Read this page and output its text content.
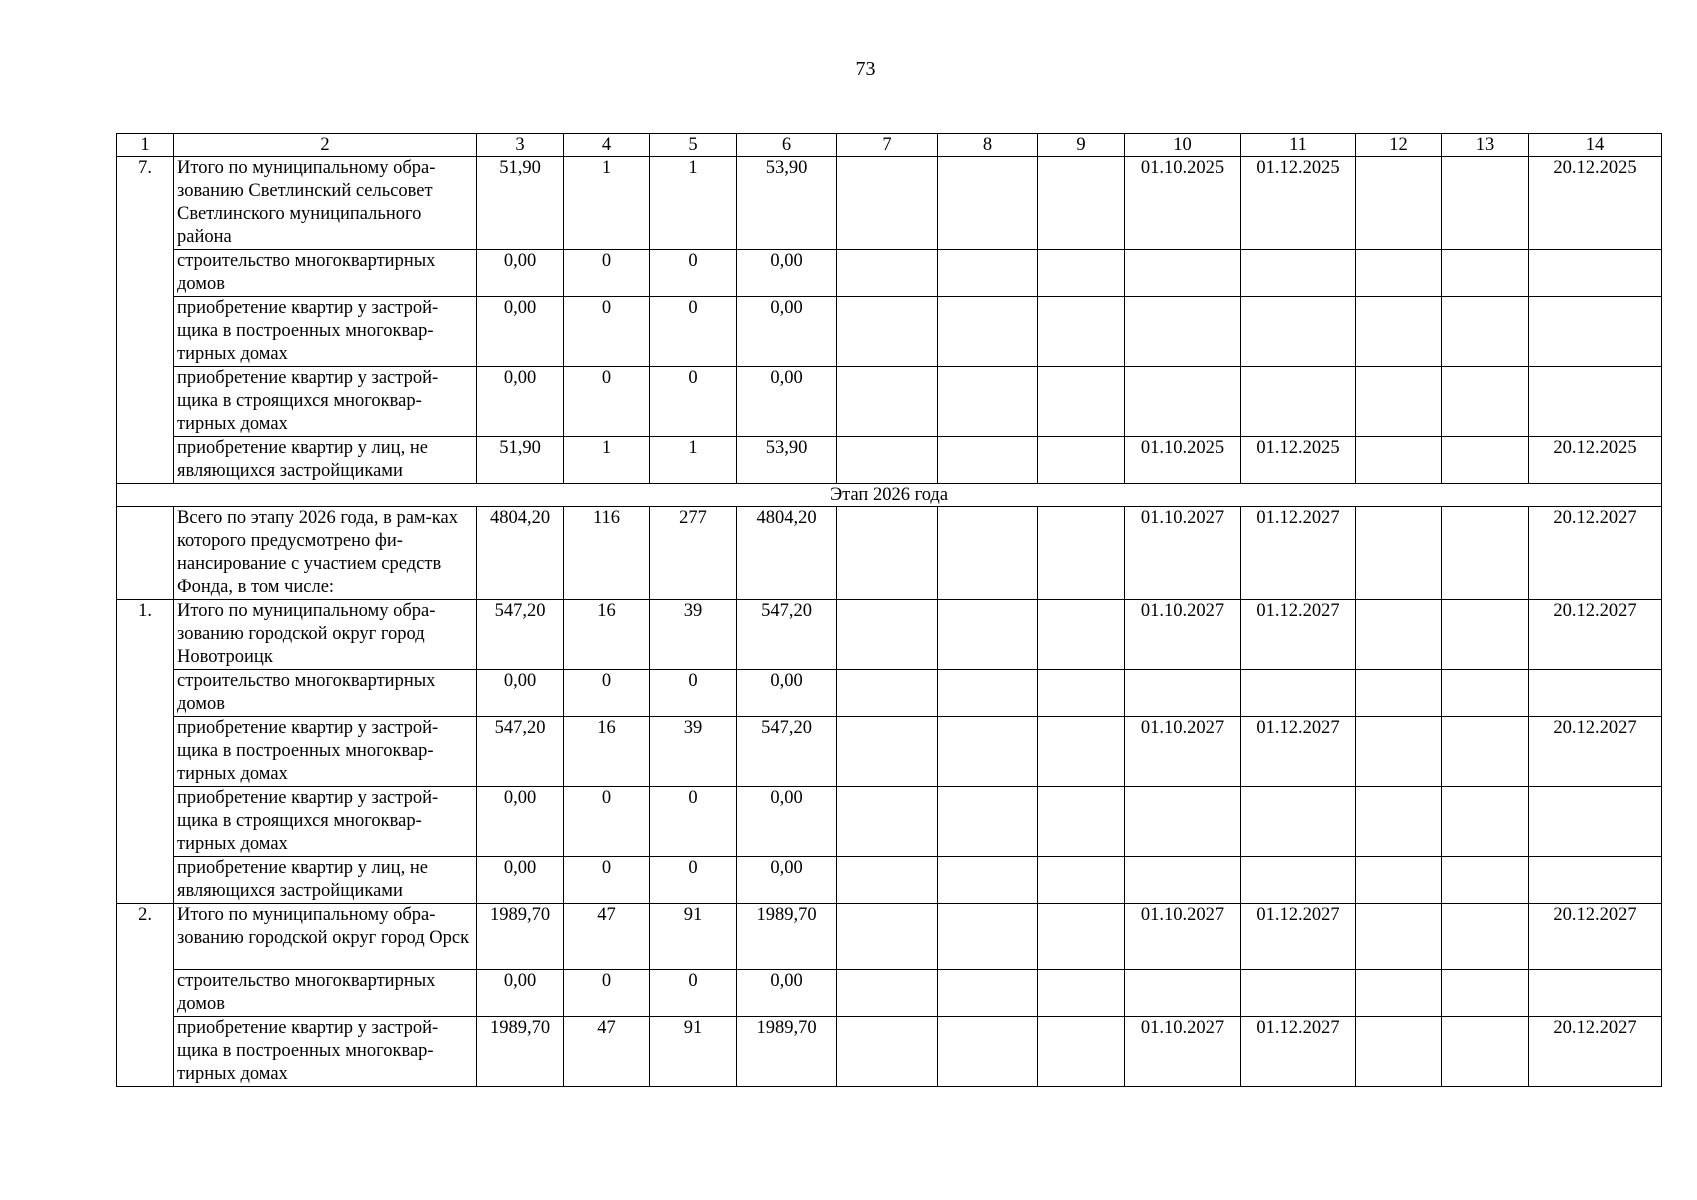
73
1	2	3	4	5	6	7	8	9	10	11	12	13	14
7.	Итого по муниципальному обра-зованию Светлинский сельсовет Светлинского муниципального района	51,90	1	1	53,90				01.10.2025	01.12.2025			20.12.2025
	строительство многоквартирных домов	0,00	0	0	0,00								
	приобретение квартир у застрой-щика в построенных многоквар-тирных домах	0,00	0	0	0,00								
	приобретение квартир у застрой-щика в строящихся многоквар-тирных домах	0,00	0	0	0,00								
	приобретение квартир у лиц, не являющихся застройщиками	51,90	1	1	53,90				01.10.2025	01.12.2025			20.12.2025
Этап 2026 года													
	Всего по этапу 2026 года, в рам-ках которого предусмотрено фи-нансирование с участием средств Фонда, в том числе:	4804,20	116	277	4804,20				01.10.2027	01.12.2027			20.12.2027
1.	Итого по муниципальному обра-зованию городской округ город Новотроицк	547,20	16	39	547,20				01.10.2027	01.12.2027			20.12.2027
	строительство многоквартирных домов	0,00	0	0	0,00								
	приобретение квартир у застрой-щика в построенных многоквар-тирных домах	547,20	16	39	547,20				01.10.2027	01.12.2027			20.12.2027
	приобретение квартир у застрой-щика в строящихся многоквар-тирных домах	0,00	0	0	0,00								
	приобретение квартир у лиц, не являющихся застройщиками	0,00	0	0	0,00								
2.	Итого по муниципальному обра-зованию городской округ город Орск	1989,70	47	91	1989,70				01.10.2027	01.12.2027			20.12.2027
	строительство многоквартирных домов	0,00	0	0	0,00								
	приобретение квартир у застрой-щика в построенных многоквар-тирных домах	1989,70	47	91	1989,70				01.10.2027	01.12.2027			20.12.2027
